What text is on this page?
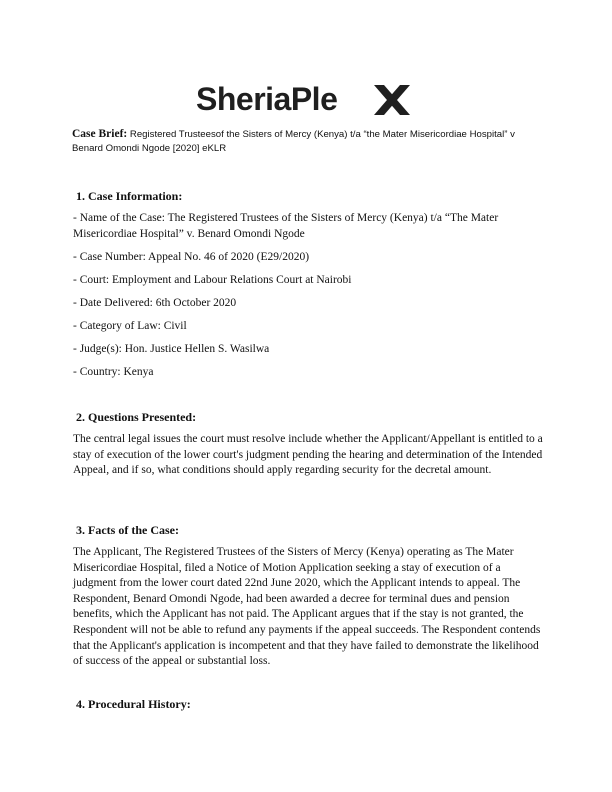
SheriaPle
Case Brief: Registered Trusteesof the Sisters of Mercy (Kenya) t/a “the Mater Misericordiae Hospital” v Benard Omondi Ngode [2020] eKLR

1. Case Information:

- Name of the Case: The Registered Trustees of the Sisters of Mercy (Kenya) t/a “The Mater Misericordiae Hospital” v. Benard Omondi Ngode

- Case Number: Appeal No. 46 of 2020 (E29/2020)

- Court: Employment and Labour Relations Court at Nairobi

- Date Delivered: 6th October 2020

- Category of Law: Civil

- Judge(s): Hon. Justice Hellen S. Wasilwa

- Country: Kenya

2. Questions Presented:

The central legal issues the court must resolve include whether the Applicant/Appellant is entitled to a stay of execution of the lower court's judgment pending the hearing and determination of the Intended Appeal, and if so, what conditions should apply regarding security for the decretal amount.

3. Facts of the Case:

The Applicant, The Registered Trustees of the Sisters of Mercy (Kenya) operating as The Mater Misericordiae Hospital, filed a Notice of Motion Application seeking a stay of execution of a judgment from the lower court dated 22nd June 2020, which the Applicant intends to appeal. The Respondent, Benard Omondi Ngode, had been awarded a decree for terminal dues and pension benefits, which the Applicant has not paid. The Applicant argues that if the stay is not granted, the Respondent will not be able to refund any payments if the appeal succeeds. The Respondent contends that the Applicant's application is incompetent and that they have failed to demonstrate the likelihood of success of the appeal or substantial loss.

4. Procedural History:
